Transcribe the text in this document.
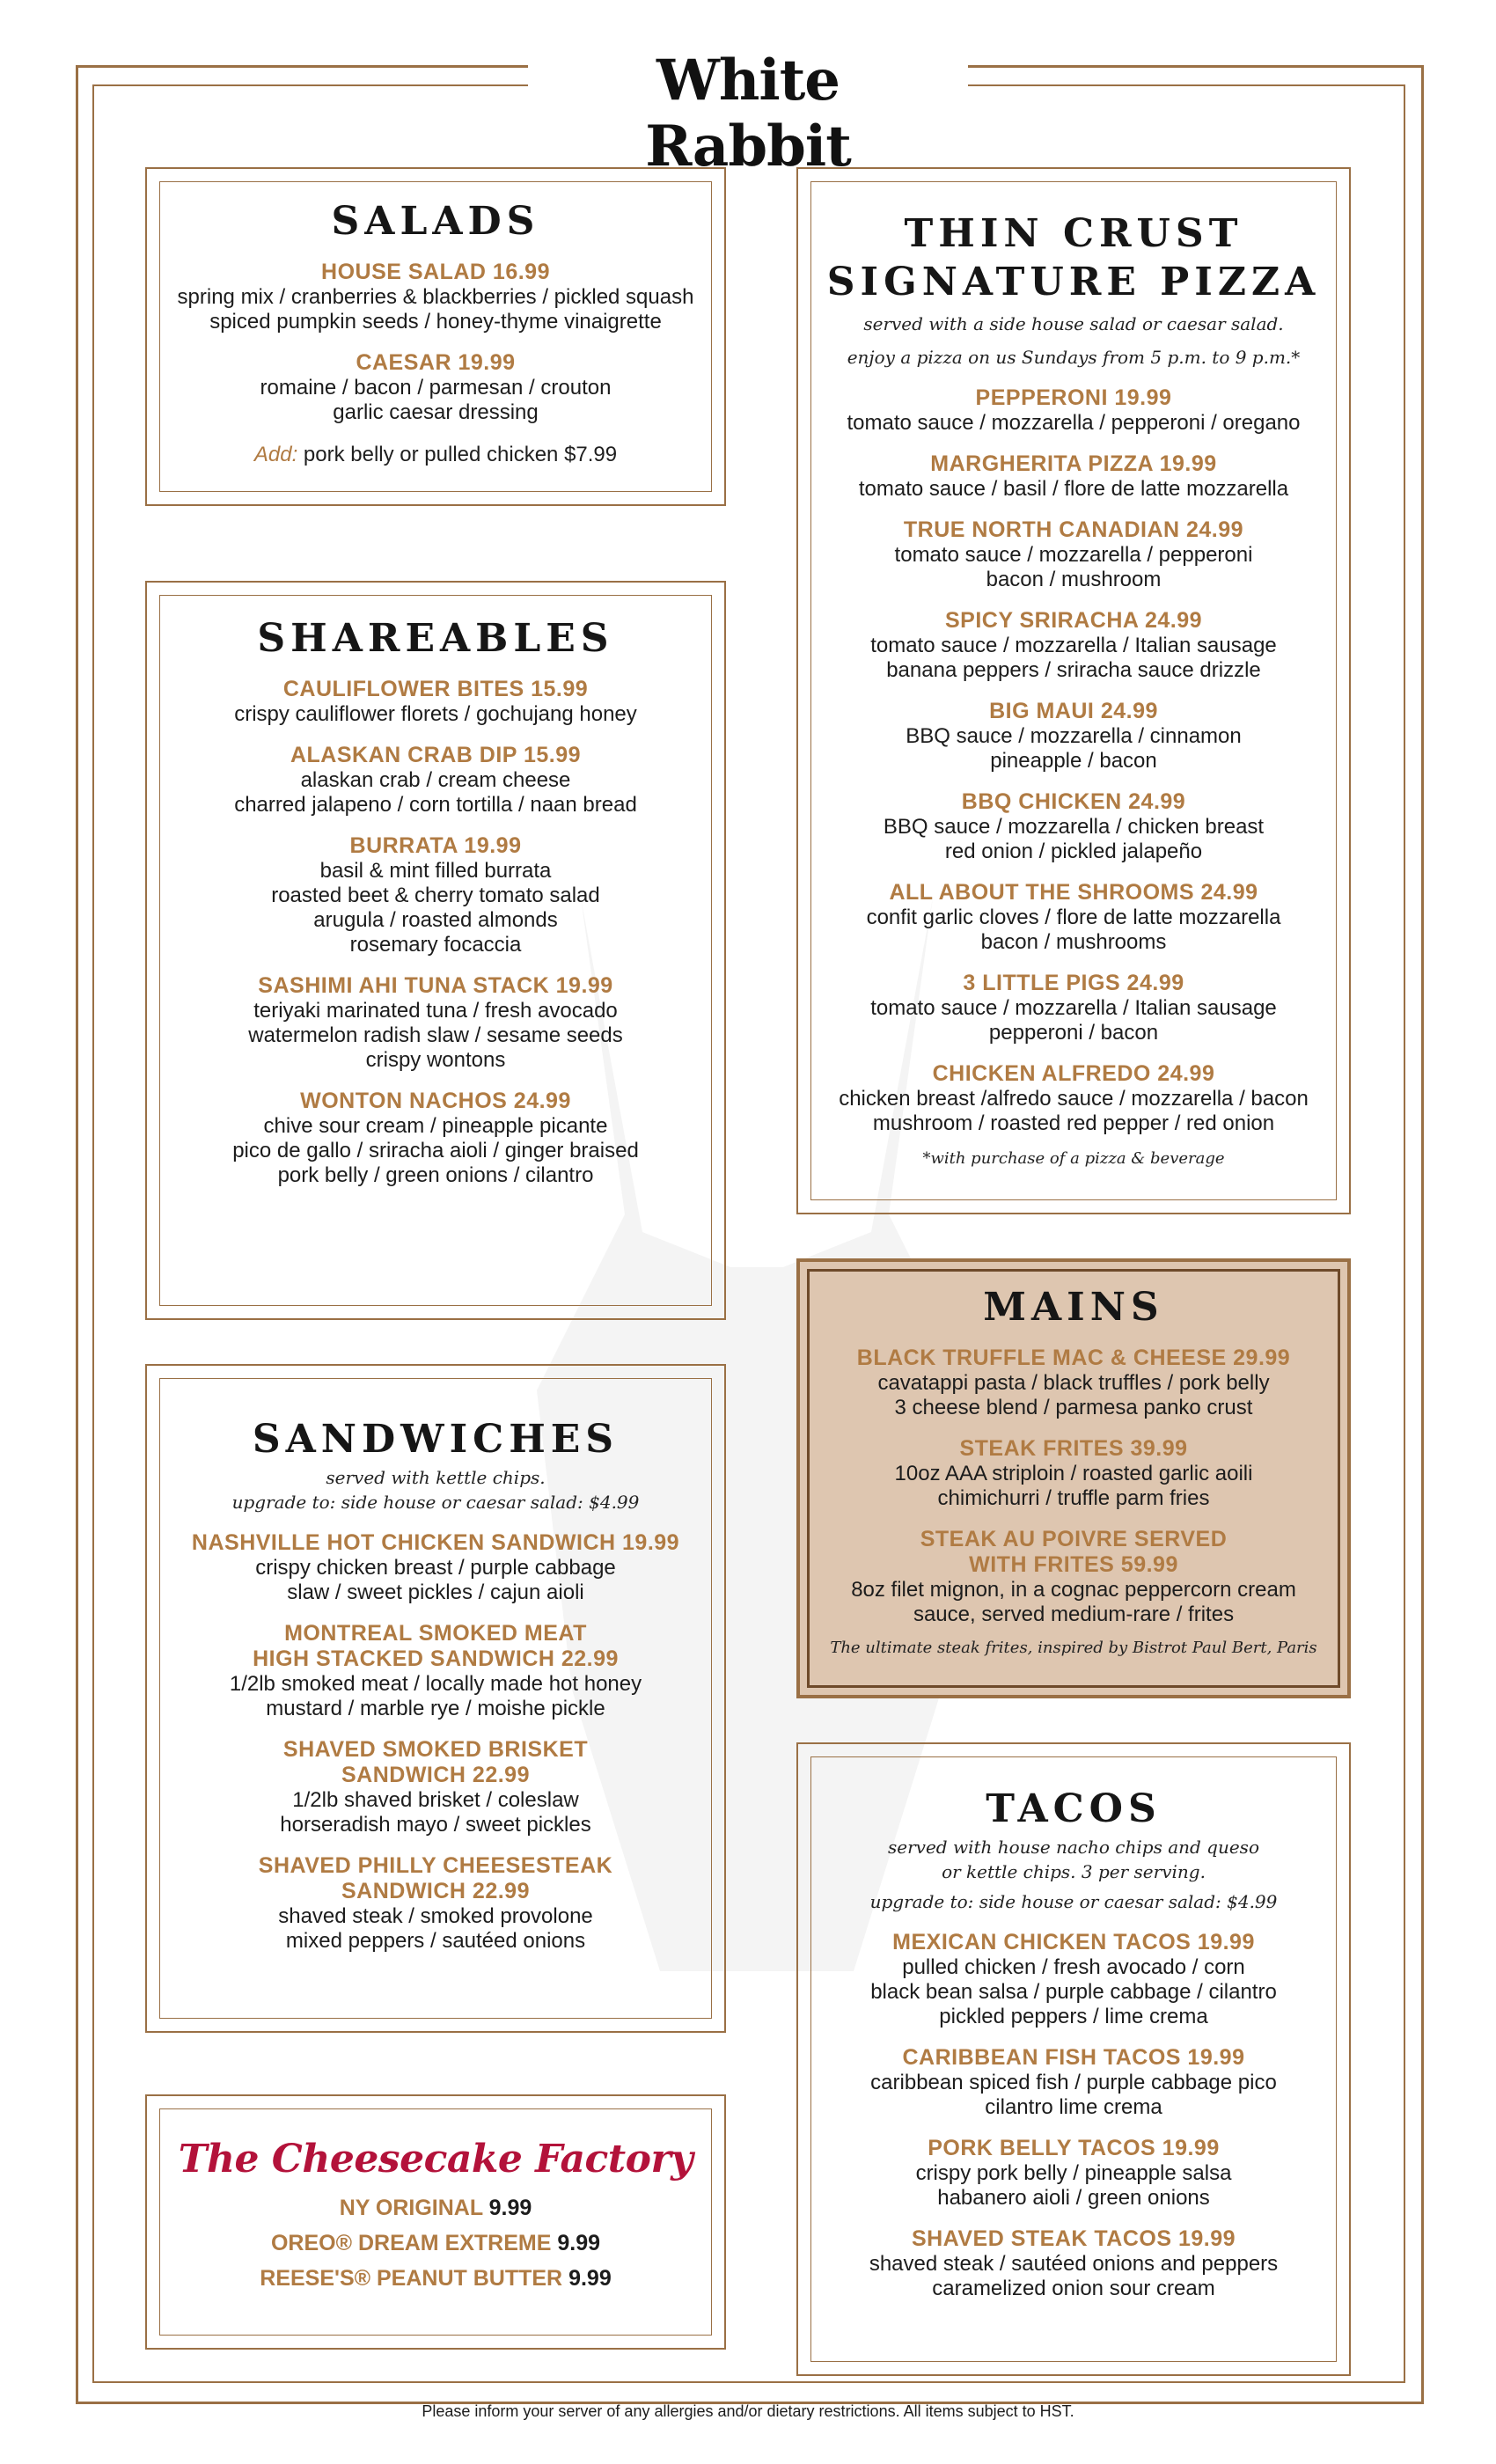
White Rabbit
SALADS
HOUSE SALAD 16.99
spring mix / cranberries & blackberries / pickled squash
spiced pumpkin seeds / honey-thyme vinaigrette
CAESAR 19.99
romaine / bacon / parmesan / crouton
garlic caesar dressing
Add: pork belly or pulled chicken $7.99
SHAREABLES
CAULIFLOWER BITES 15.99
crispy cauliflower florets / gochujang honey
ALASKAN CRAB DIP 15.99
alaskan crab / cream cheese
charred jalapeno / corn tortilla / naan bread
BURRATA 19.99
basil & mint filled burrata
roasted beet & cherry tomato salad
arugula / roasted almonds
rosemary focaccia
SASHIMI AHI TUNA STACK 19.99
teriyaki marinated tuna / fresh avocado
watermelon radish slaw / sesame seeds
crispy wontons
WONTON NACHOS 24.99
chive sour cream / pineapple picante
pico de gallo / sriracha aioli / ginger braised
pork belly / green onions / cilantro
SANDWICHES
served with kettle chips.
upgrade to: side house or caesar salad: $4.99
NASHVILLE HOT CHICKEN SANDWICH 19.99
crispy chicken breast / purple cabbage
slaw / sweet pickles / cajun aioli
MONTREAL SMOKED MEAT
HIGH STACKED SANDWICH 22.99
1/2lb smoked meat / locally made hot honey
mustard / marble rye / moishe pickle
SHAVED SMOKED BRISKET
SANDWICH 22.99
1/2lb shaved brisket / coleslaw
horseradish mayo / sweet pickles
SHAVED PHILLY CHEESESTEAK
SANDWICH 22.99
shaved steak / smoked provolone
mixed peppers / sautéed onions
The Cheesecake Factory
NY ORIGINAL 9.99
OREO® DREAM EXTREME 9.99
REESE'S® PEANUT BUTTER 9.99
THIN CRUST
SIGNATURE PIZZA
served with a side house salad or caesar salad.
enjoy a pizza on us Sundays from 5 p.m. to 9 p.m.*
PEPPERONI 19.99
tomato sauce / mozzarella / pepperoni / oregano
MARGHERITA PIZZA 19.99
tomato sauce / basil / flore de latte mozzarella
TRUE NORTH CANADIAN 24.99
tomato sauce / mozzarella / pepperoni
bacon / mushroom
SPICY SRIRACHA 24.99
tomato sauce / mozzarella / Italian sausage
banana peppers / sriracha sauce drizzle
BIG MAUI 24.99
BBQ sauce / mozzarella / cinnamon
pineapple / bacon
BBQ CHICKEN 24.99
BBQ sauce / mozzarella / chicken breast
red onion / pickled jalapeño
ALL ABOUT THE SHROOMS 24.99
confit garlic cloves / flore de latte mozzarella
bacon / mushrooms
3 LITTLE PIGS 24.99
tomato sauce / mozzarella / Italian sausage
pepperoni / bacon
CHICKEN ALFREDO 24.99
chicken breast /alfredo sauce / mozzarella / bacon
mushroom / roasted red pepper / red onion
*with purchase of a pizza & beverage
MAINS
BLACK TRUFFLE MAC & CHEESE 29.99
cavatappi pasta / black truffles / pork belly
3 cheese blend / parmesa panko crust
STEAK FRITES 39.99
10oz AAA striploin / roasted garlic aoili
chimichurri / truffle parm fries
STEAK AU POIVRE SERVED
WITH FRITES 59.99
8oz filet mignon, in a cognac peppercorn cream
sauce, served medium-rare / frites
The ultimate steak frites, inspired by Bistrot Paul Bert, Paris
TACOS
served with house nacho chips and queso
or kettle chips. 3 per serving.
upgrade to: side house or caesar salad: $4.99
MEXICAN CHICKEN TACOS 19.99
pulled chicken / fresh avocado / corn
black bean salsa / purple cabbage / cilantro
pickled peppers / lime crema
CARIBBEAN FISH TACOS 19.99
caribbean spiced fish / purple cabbage pico
cilantro lime crema
PORK BELLY TACOS 19.99
crispy pork belly / pineapple salsa
habanero aioli / green onions
SHAVED STEAK TACOS 19.99
shaved steak / sautéed onions and peppers
caramelized onion sour cream
Please inform your server of any allergies and/or dietary restrictions. All items subject to HST.
